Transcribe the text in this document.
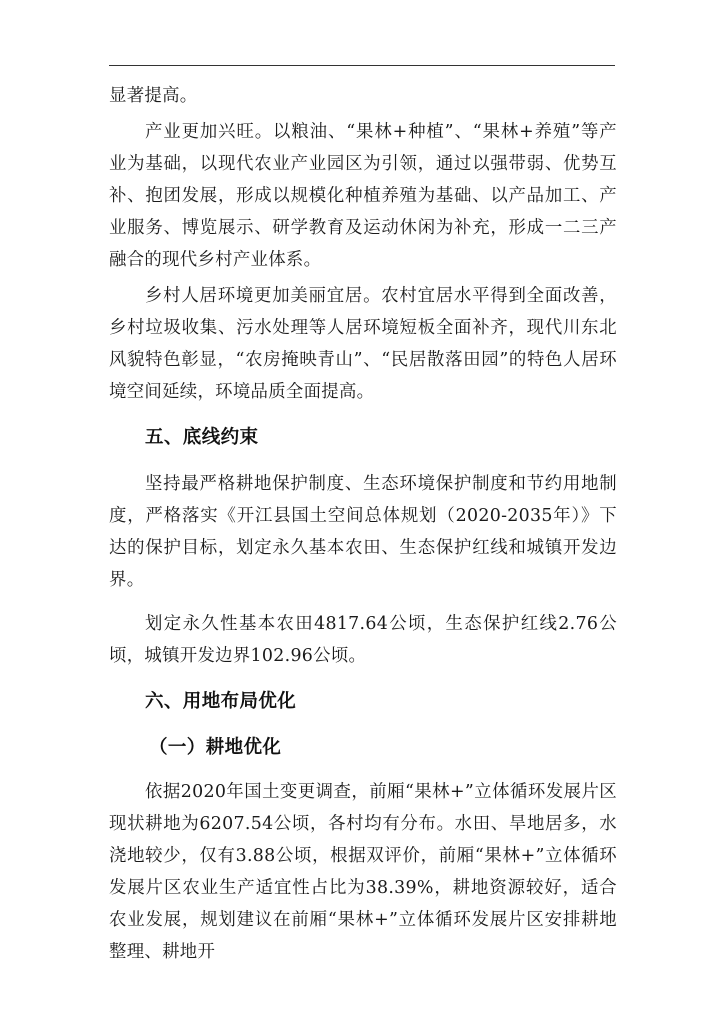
显著提高。

产业更加兴旺。以粮油、“果林+种植”、“果林+养殖”等产业为基础，以现代农业产业园区为引领，通过以强带弱、优势互补、抱团发展，形成以规模化种植养殖为基础、以产品加工、产业服务、博览展示、研学教育及运动休闲为补充，形成一二三产融合的现代乡村产业体系。

乡村人居环境更加美丽宜居。农村宜居水平得到全面改善，乡村垃圾收集、污水处理等人居环境短板全面补齐，现代川东北风貌特色彰显，“农房掩映青山”、“民居散落田园”的特色人居环境空间延续，环境品质全面提高。

五、底线约束

坚持最严格耕地保护制度、生态环境保护制度和节约用地制度，严格落实《开江县国土空间总体规划（2020-2035年）》下达的保护目标，划定永久基本农田、生态保护红线和城镇开发边界。

划定永久性基本农田4817.64公顷，生态保护红线2.76公顷，城镇开发边界102.96公顷。

六、用地布局优化

（一）耕地优化

依据2020年国土变更调查，前厢“果林+”立体循环发展片区现状耕地为6207.54公顷，各村均有分布。水田、旱地居多，水浇地较少，仅有3.88公顷，根据双评价，前厢“果林+”立体循环发展片区农业生产适宜性占比为38.39%，耕地资源较好，适合农业发展，规划建议在前厢“果林+”立体循环发展片区安排耕地整理、耕地开
